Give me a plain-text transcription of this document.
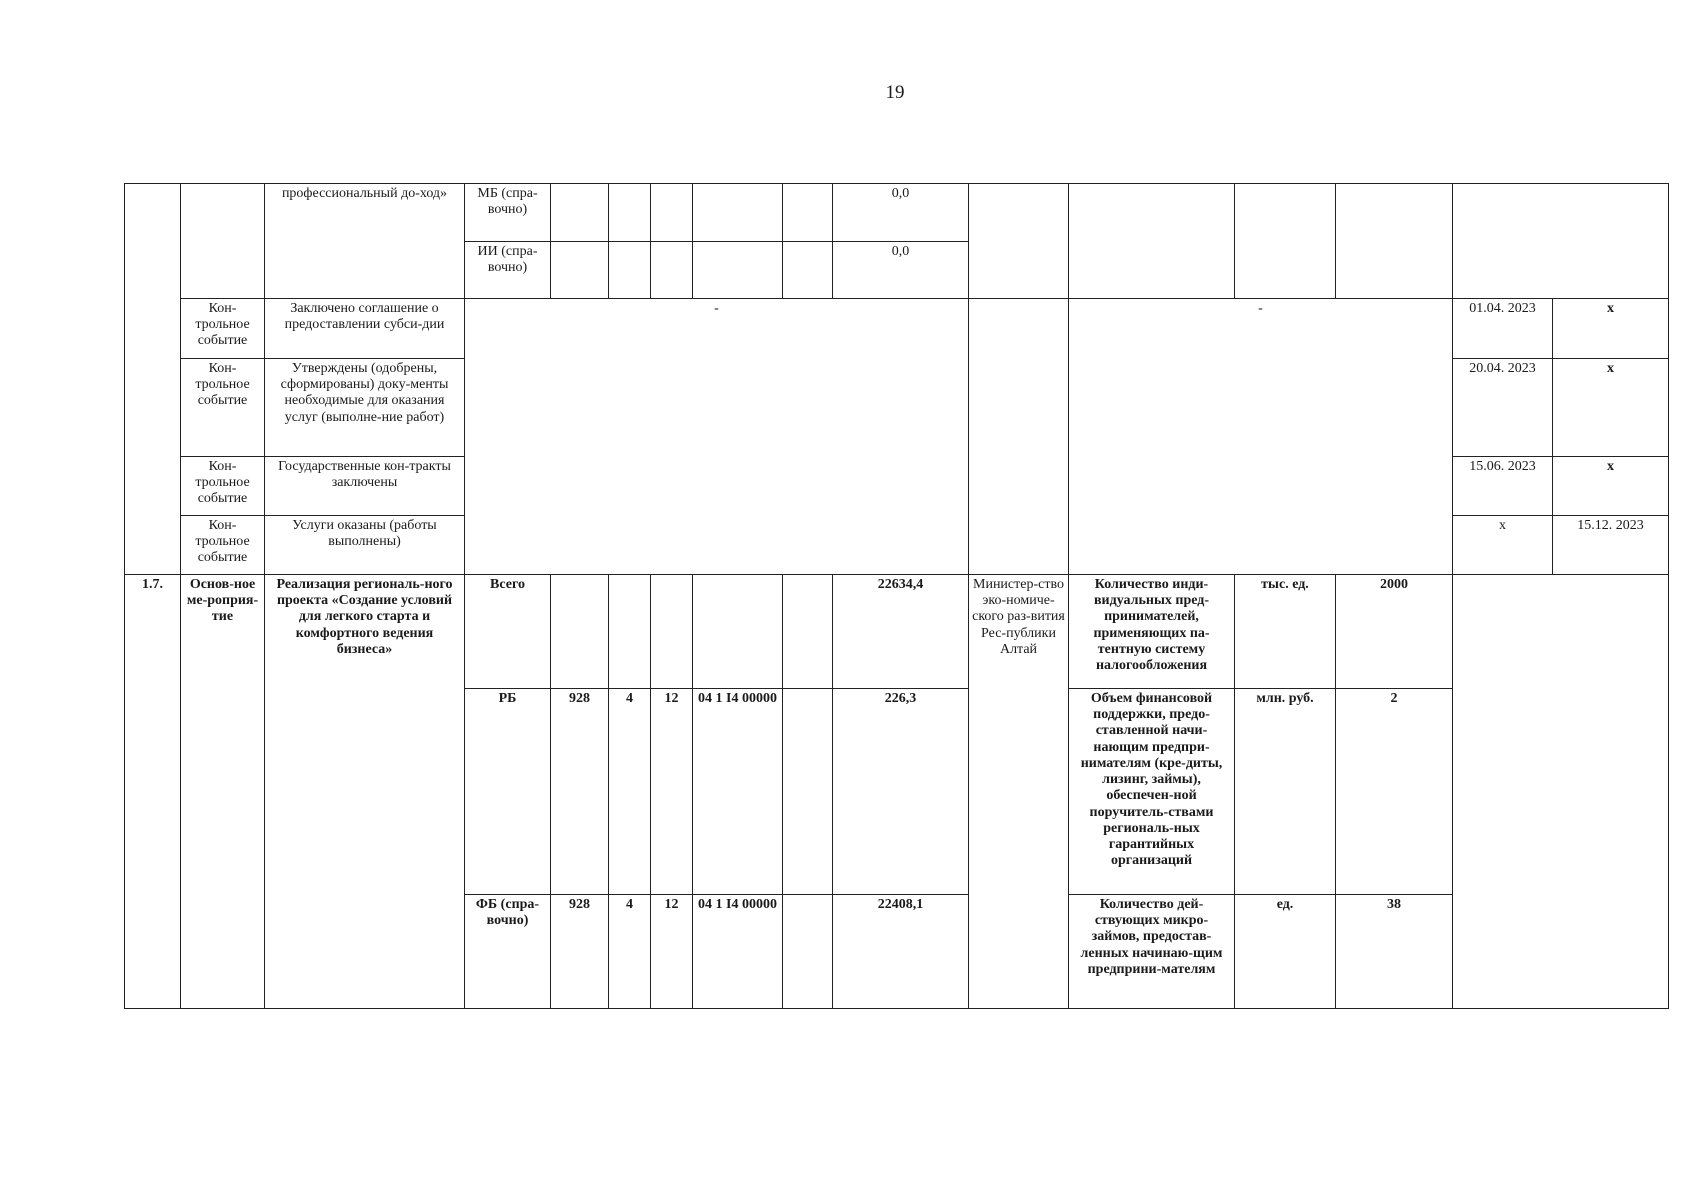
19
		профессиональный до-ход»	МБ (спра-вочно)						0,0						
			ИИ (спра-вочно)						0,0						
	Кон-трольное событие	Заключено соглашение о предоставлении субси-дии	-								-			01.04. 2023	x
	Кон-трольное событие	Утверждены (одобрены, сформированы) доку-менты необходимые для оказания услуг (выполне-ние работ)												20.04. 2023	x
	Кон-трольное событие	Государственные кон-тракты заключены												15.06. 2023	x
	Кон-трольное событие	Услуги оказаны (работы выполнены)												x	15.12. 2023
1.7.	Основ-ное ме-роприя-тие	Реализация региональ-ного проекта «Создание условий для легкого старта и комфортного ведения бизнеса»	Всего						22634,4	Министер-ство эко-номиче-ского раз-вития Рес-публики Алтай	Количество инди-видуальных пред-принимателей, применяющих па-тентную систему налогообложения	тыс. ед.	2000		
			РБ	928	4	12	04 1 I4 00000		226,3		Объем финансовой поддержки, предо-ставленной начи-нающим предпри-нимателям (кре-диты, лизинг, займы), обеспечен-ной поручитель-ствами региональ-ных гарантийных организаций	млн. руб.	2		
			ФБ (спра-вочно)	928	4	12	04 1 I4 00000		22408,1		Количество дей-ствующих микро-займов, предостав-ленных начинаю-щим предприни-мателям	ед.	38		
